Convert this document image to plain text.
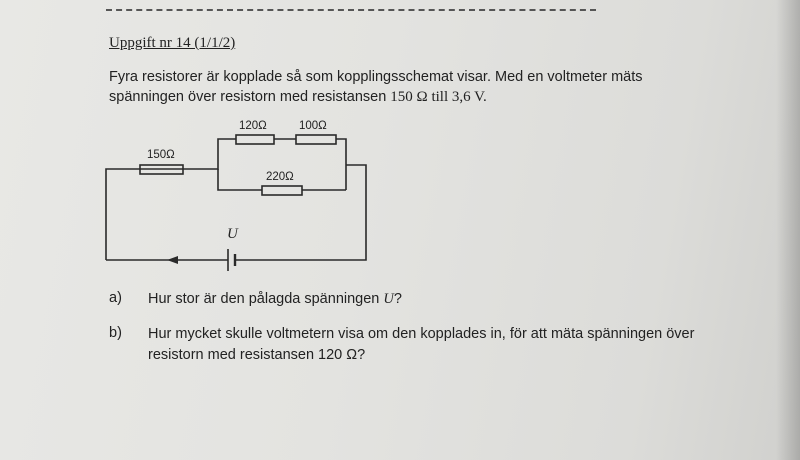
Uppgift nr 14 (1/1/2)
Fyra resistorer är kopplade så som kopplingsschemat visar. Med en voltmeter mäts
spänningen över resistorn med resistansen 150 Ω till 3,6 V.
150Ω
120Ω	100Ω
220Ω
U
a) Hur stor är den pålagda spänningen U?
b) Hur mycket skulle voltmetern visa om den kopplades in, för att mäta spänningen över
resistorn med resistansen 120 Ω?
